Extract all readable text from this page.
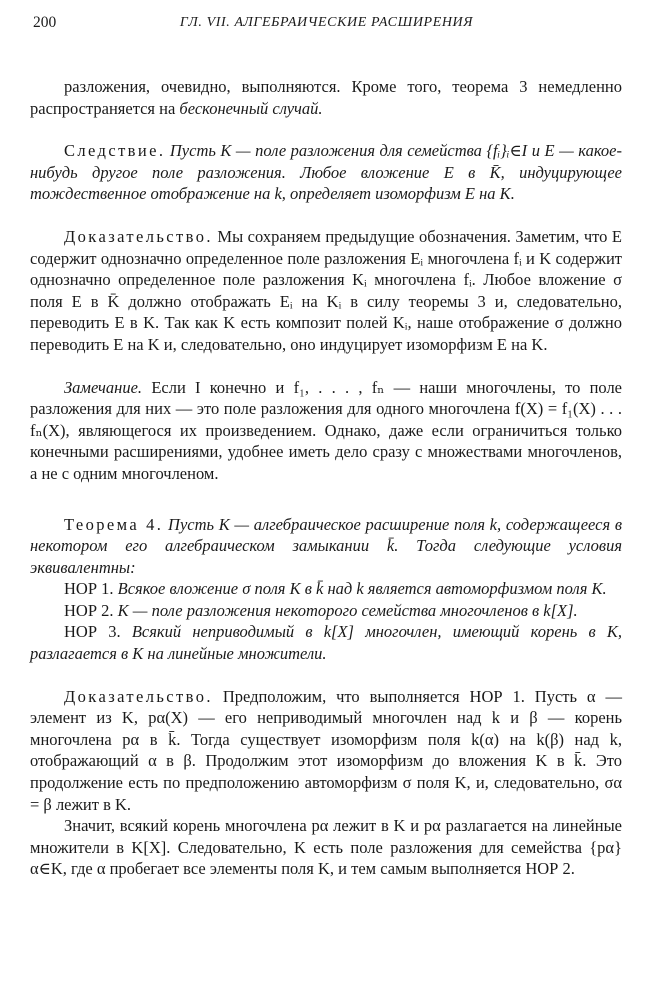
200	ГЛ. VII. АЛГЕБРАИЧЕСКИЕ РАСШИРЕНИЯ

разложения, очевидно, выполняются. Кроме того, теорема 3 немедленно распространяется на бесконечный случай.

Следствие. Пусть K — поле разложения для семейства {fᵢ}ᵢ∈I и E — какое-нибудь другое поле разложения. Любое вложение E в K̄, индуцирующее тождественное отображение на k, определяет изоморфизм E на K.

Доказательство. Мы сохраняем предыдущие обозначения. Заметим, что E содержит однозначно определенное поле разложения Eᵢ многочлена fᵢ и K содержит однозначно определенное поле разложения Kᵢ многочлена fᵢ. Любое вложение σ поля E в K̄ должно отображать Eᵢ на Kᵢ в силу теоремы 3 и, следовательно, переводить E в K. Так как K есть композит полей Kᵢ, наше отображение σ должно переводить E на K и, следовательно, оно индуцирует изоморфизм E на K.

Замечание. Если I конечно и f₁, . . . , fₙ — наши многочлены, то поле разложения для них — это поле разложения для одного многочлена f(X) = f₁(X) . . . fₙ(X), являющегося их произведением. Однако, даже если ограничиться только конечными расширениями, удобнее иметь дело сразу с множествами многочленов, а не с одним многочленом.

Теорема 4. Пусть K — алгебраическое расширение поля k, содержащееся в некотором его алгебраическом замыкании k̄. Тогда следующие условия эквивалентны:

НОР 1. Всякое вложение σ поля K в k̄ над k является автоморфизмом поля K.

НОР 2. K — поле разложения некоторого семейства многочленов в k[X].

НОР 3. Всякий неприводимый в k[X] многочлен, имеющий корень в K, разлагается в K на линейные множители.

Доказательство. Предположим, что выполняется НОР 1. Пусть α — элемент из K, pα(X) — его неприводимый многочлен над k и β — корень многочлена pα в k̄. Тогда существует изоморфизм поля k(α) на k(β) над k, отображающий α в β. Продолжим этот изоморфизм до вложения K в k̄. Это продолжение есть по предположению автоморфизм σ поля K, и, следовательно, σα = β лежит в K.

Значит, всякий корень многочлена pα лежит в K и pα разлагается на линейные множители в K[X]. Следовательно, K есть поле разложения для семейства {pα}α∈K, где α пробегает все элементы поля K, и тем самым выполняется НОР 2.
